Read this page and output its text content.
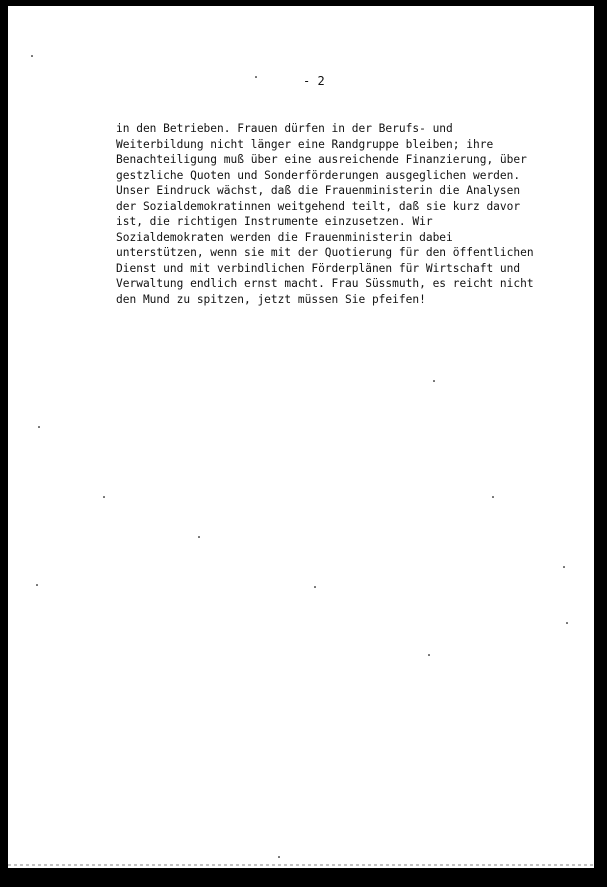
- 2

in den Betrieben. Frauen dürfen in der Berufs- und
Weiterbildung nicht länger eine Randgruppe bleiben; ihre
Benachteiligung muß über eine ausreichende Finanzierung, über
gestzliche Quoten und Sonderförderungen ausgeglichen werden.
Unser Eindruck wächst, daß die Frauenministerin die Analysen
der Sozialdemokratinnen weitgehend teilt, daß sie kurz davor
ist, die richtigen Instrumente einzusetzen. Wir
Sozialdemokraten werden die Frauenministerin dabei
unterstützen, wenn sie mit der Quotierung für den öffentlichen
Dienst und mit verbindlichen Förderplänen für Wirtschaft und
Verwaltung endlich ernst macht. Frau Süssmuth, es reicht nicht
den Mund zu spitzen, jetzt müssen Sie pfeifen!
